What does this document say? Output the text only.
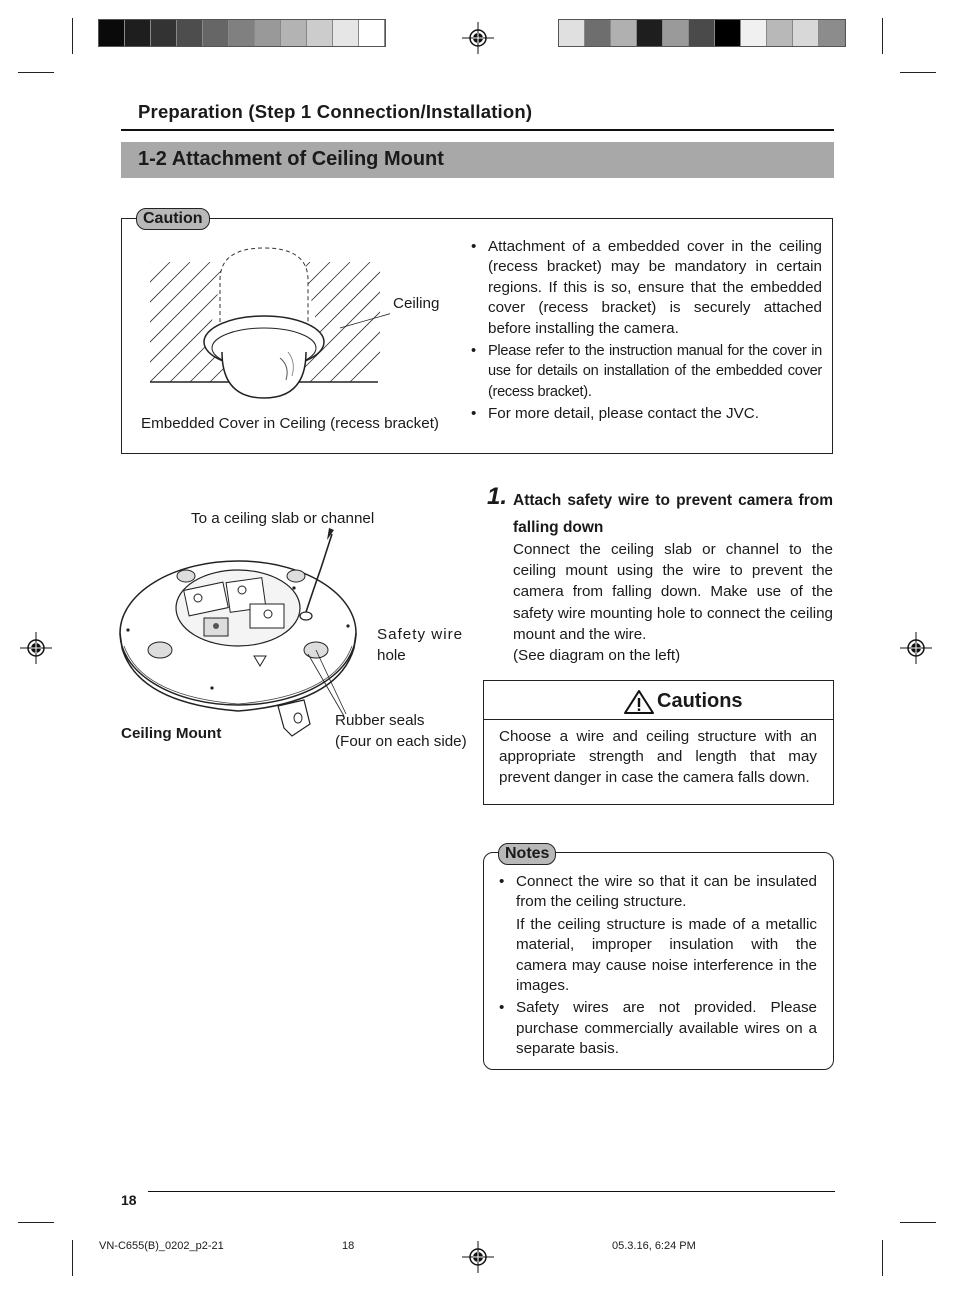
Preparation (Step 1 Connection/Installation)
1-2 Attachment of Ceiling Mount
Caution
Ceiling
Embedded Cover in Ceiling (recess bracket)
• Attachment of a embedded cover in the ceiling (recess bracket) may be mandatory in certain regions. If this is so, ensure that the embedded cover (recess bracket) is securely attached before installing the camera.
• Please refer to the instruction manual for the cover in use for details on installation of the embedded cover (recess bracket).
• For more detail, please contact the JVC.
To a ceiling slab or channel
Safety wire
hole
Rubber seals
(Four on each side)
Ceiling Mount
1. Attach safety wire to prevent camera from falling down
Connect the ceiling slab or channel to the ceiling mount using the wire to prevent the camera from falling down. Make use of the safety wire mounting hole to connect the ceiling mount and the wire.
(See diagram on the left)
Cautions
Choose a wire and ceiling structure with an appropriate strength and length that may prevent danger in case the camera falls down.
Notes
• Connect the wire so that it can be insulated from the ceiling structure.
If the ceiling structure is made of a metallic material, improper insulation with the camera may cause noise interference in the images.
• Safety wires are not provided. Please purchase commercially available wires on a separate basis.
18
VN-C655(B)_0202_p2-21	18	05.3.16, 6:24 PM
